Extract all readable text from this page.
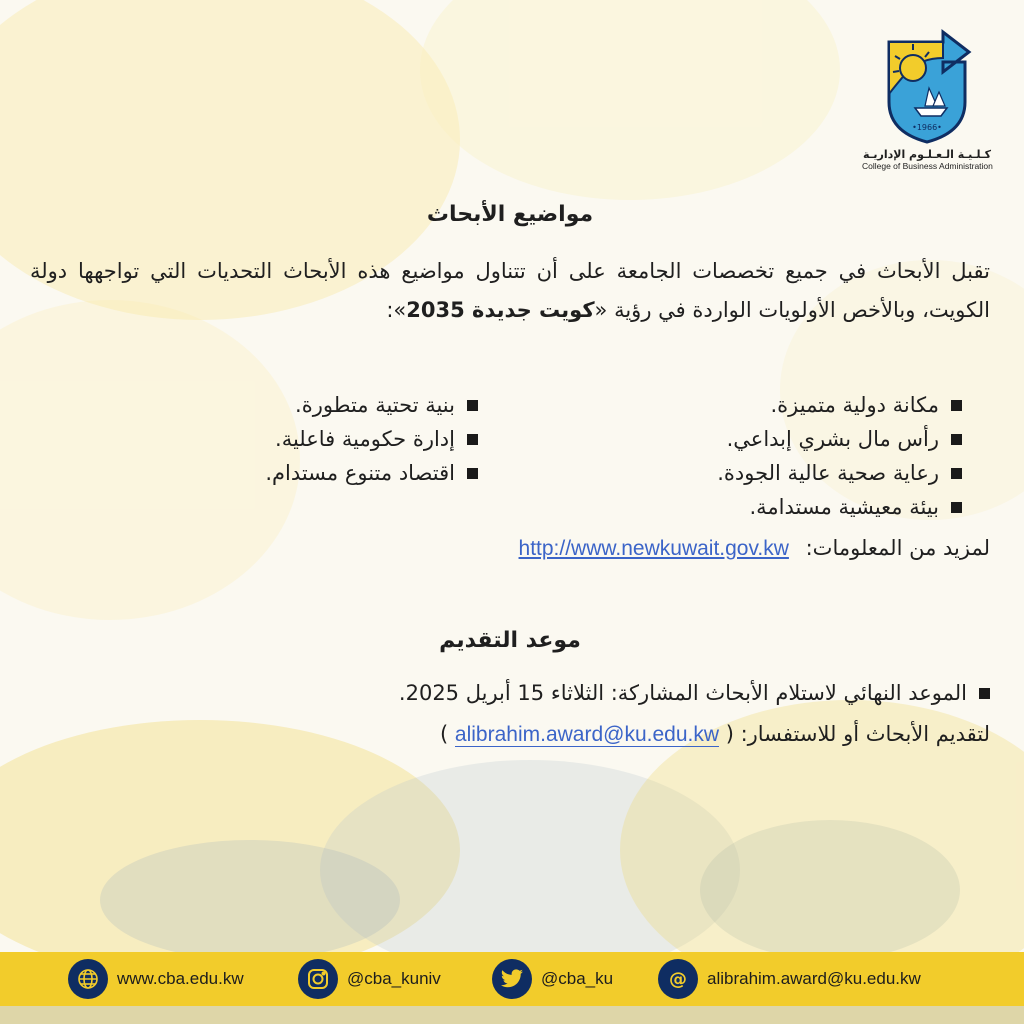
•1966•
كـلـيـة الـعـلـوم الإداريـة
College of Business Administration
مواضيع الأبحاث
تقبل الأبحاث في جميع تخصصات الجامعة على أن تتناول مواضيع هذه الأبحاث التحديات التي تواجهها دولة الكويت، وبالأخص الأولويات الواردة في رؤية «كويت جديدة 2035»:
مكانة دولية متميزة.
رأس مال بشري إبداعي.
رعاية صحية عالية الجودة.
بيئة معيشية مستدامة.
بنية تحتية متطورة.
إدارة حكومية فاعلية.
اقتصاد متنوع مستدام.
لمزيد من المعلومات: http://www.newkuwait.gov.kw
موعد التقديم
الموعد النهائي لاستلام الأبحاث المشاركة: الثلاثاء 15 أبريل 2025.
لتقديم الأبحاث أو للاستفسار: ( alibrahim.award@ku.edu.kw )
www.cba.edu.kw	@cba_kuniv	@cba_ku	@ alibrahim.award@ku.edu.kw
